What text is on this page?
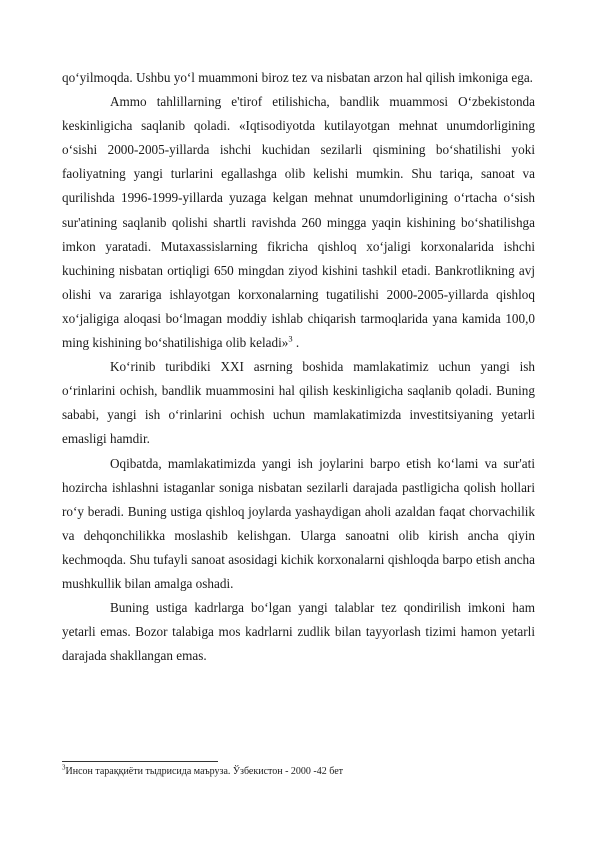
qo‘yilmoqda. Ushbu yo‘l muammoni biroz tez va nisbatan arzon hal qilish imkoniga ega.

Ammo tahlillarning e'tirof etilishicha, bandlik muammosi O‘zbekistonda keskinligicha saqlanib qoladi. «Iqtisodiyotda kutilayotgan mehnat unumdorligining o‘sishi 2000-2005-yillarda ishchi kuchidan sezilarli qismining bo‘shatilishi yoki faoliyatning yangi turlarini egallashga olib kelishi mumkin. Shu tariqa, sanoat va qurilishda 1996-1999-yillarda yuzaga kelgan mehnat unumdorligining o‘rtacha o‘sish sur'atining saqlanib qolishi shartli ravishda 260 mingga yaqin kishining bo‘shatilishga imkon yaratadi. Mutaxassislarning fikricha qishloq xo‘jaligi korxonalarida ishchi kuchining nisbatan ortiqligi 650 mingdan ziyod kishini tashkil etadi. Bankrotlikning avj olishi va zarariga ishlayotgan korxonalarning tugatilishi 2000-2005-yillarda qishloq xo‘jaligiga aloqasi bo‘lmagan moddiy ishlab chiqarish tarmoqlarida yana kamida 100,0 ming kishining bo‘shatilishiga olib keladi»$^3$ .

Ko‘rinib turibdiki XXI asrning boshida mamlakatimiz uchun yangi ish o‘rinlarini ochish, bandlik muammosini hal qilish keskinligicha saqlanib qoladi. Buning sababi, yangi ish o‘rinlarini ochish uchun mamlakatimizda investitsiyaning yetarli emasligi hamdir.

Oqibatda, mamlakatimizda yangi ish joylarini barpo etish ko‘lami va sur'ati hozircha ishlashni istaganlar soniga nisbatan sezilarli darajada pastligicha qolish hollari ro‘y beradi. Buning ustiga qishloq joylarda yashaydigan aholi azaldan faqat chorvachilik va dehqonchilikka moslashib kelishgan. Ularga sanoatni olib kirish ancha qiyin kechmoqda. Shu tufayli sanoat asosidagi kichik korxonalarni qishloqda barpo etish ancha mushkullik bilan amalga oshadi.

Buning ustiga kadrlarga bo‘lgan yangi talablar tez qondirilish imkoni ham yetarli emas. Bozor talabiga mos kadrlarni zudlik bilan tayyorlash tizimi hamon yetarli darajada shakllangan emas.

$^3$Инсон тараққиёти тыдрисида маъруза. Ўзбекистон - 2000 -42 бет
